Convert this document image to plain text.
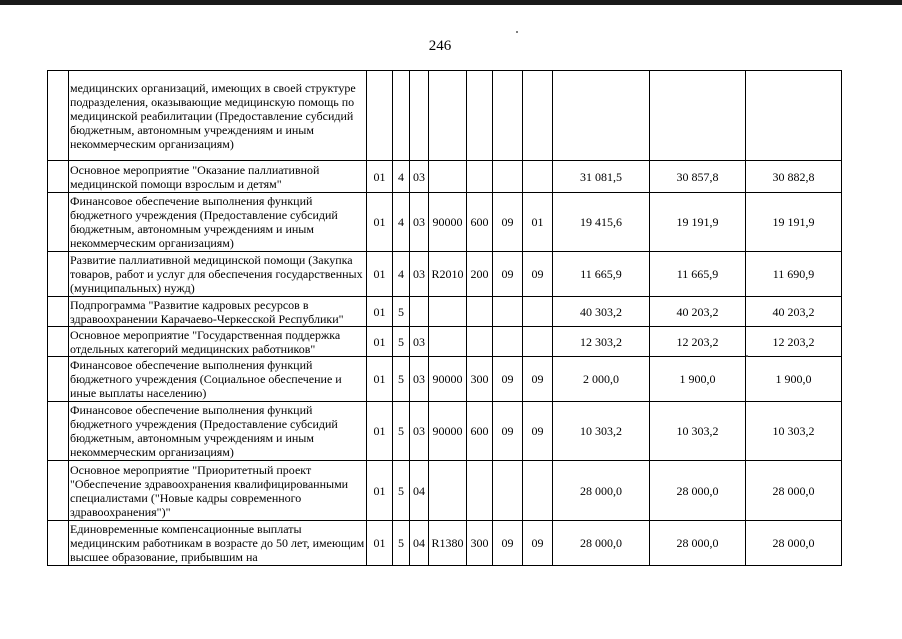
246
	медицинских организаций, имеющих в своей структуре подразделения, оказывающие медицинскую помощь по медицинской реабилитации (Предоставление субсидий бюджетным, автономным учреждениям и иным некоммерческим организациям)										
	Основное мероприятие "Оказание паллиативной медицинской помощи взрослым и детям"	01	4	03					31 081,5	30 857,8	30 882,8
	Финансовое обеспечение выполнения функций бюджетного учреждения (Предоставление субсидий бюджетным, автономным учреждениям и иным некоммерческим организациям)	01	4	03	90000	600	09	01	19 415,6	19 191,9	19 191,9
	Развитие паллиативной медицинской помощи (Закупка товаров, работ и услуг для обеспечения государственных (муниципальных) нужд)	01	4	03	R2010	200	09	09	11 665,9	11 665,9	11 690,9
	Подпрограмма "Развитие кадровых ресурсов в здравоохранении Карачаево-Черкесской Республики"	01	5						40 303,2	40 203,2	40 203,2
	Основное мероприятие "Государственная поддержка отдельных категорий медицинских работников"	01	5	03					12 303,2	12 203,2	12 203,2
	Финансовое обеспечение выполнения функций бюджетного учреждения (Социальное обеспечение и иные выплаты населению)	01	5	03	90000	300	09	09	2 000,0	1 900,0	1 900,0
	Финансовое обеспечение выполнения функций бюджетного учреждения (Предоставление субсидий бюджетным, автономным учреждениям и иным некоммерческим организациям)	01	5	03	90000	600	09	09	10 303,2	10 303,2	10 303,2
	Основное мероприятие "Приоритетный проект "Обеспечение здравоохранения квалифицированными специалистами ("Новые кадры современного здравоохранения")"	01	5	04					28 000,0	28 000,0	28 000,0
	Единовременные компенсационные выплаты медицинским работникам в возрасте до 50 лет, имеющим высшее образование, прибывшим на	01	5	04	R1380	300	09	09	28 000,0	28 000,0	28 000,0
